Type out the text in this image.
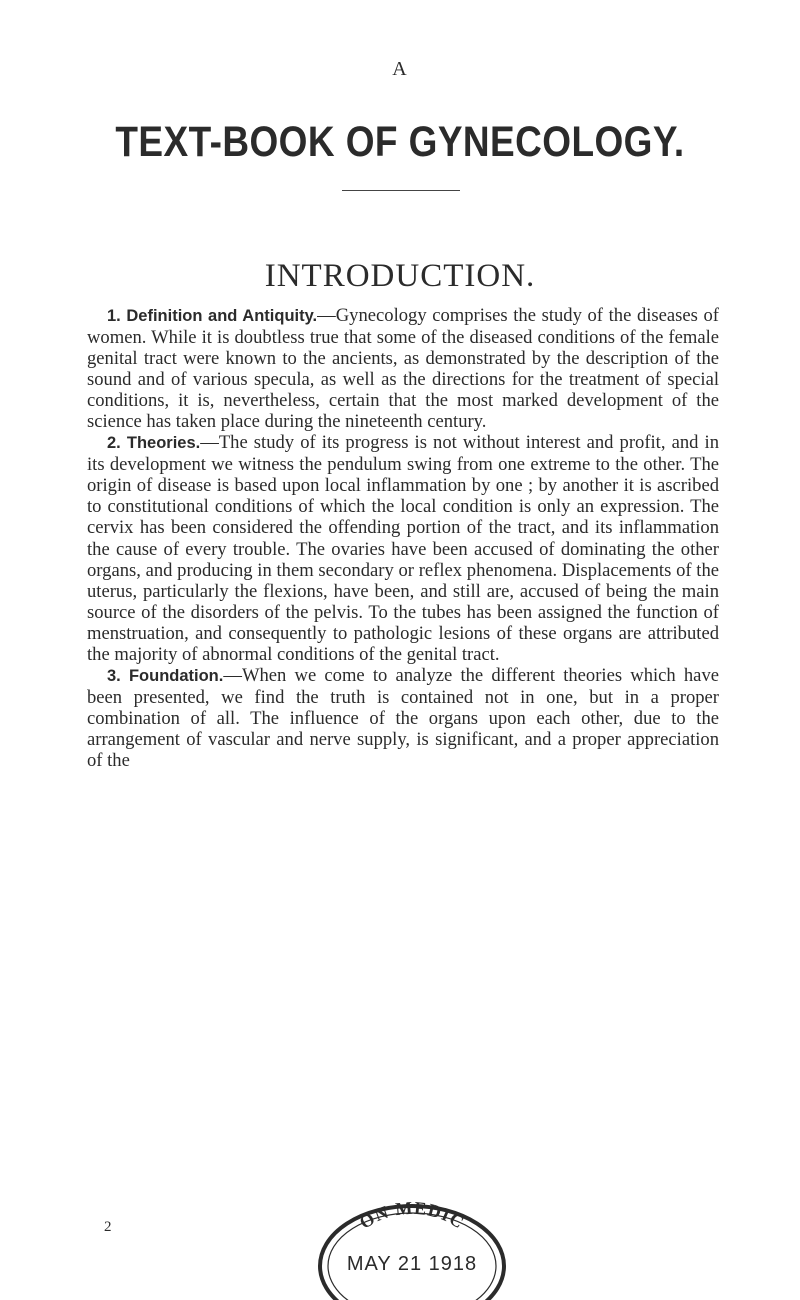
A
TEXT-BOOK OF GYNECOLOGY.
INTRODUCTION.

1. Definition and Antiquity.—Gynecology comprises the study of the diseases of women. While it is doubtless true that some of the diseased conditions of the female genital tract were known to the ancients, as demonstrated by the description of the sound and of various specula, as well as the directions for the treatment of special conditions, it is, nevertheless, certain that the most marked development of the science has taken place during the nineteenth century.

2. Theories.—The study of its progress is not without interest and profit, and in its development we witness the pendulum swing from one extreme to the other. The origin of disease is based upon local inflammation by one ; by another it is ascribed to constitutional conditions of which the local condition is only an expression. The cervix has been considered the offending portion of the tract, and its inflammation the cause of every trouble. The ovaries have been accused of dominating the other organs, and producing in them secondary or reflex phenomena. Displacements of the uterus, particularly the flexions, have been, and still are, accused of being the main source of the disorders of the pelvis. To the tubes has been assigned the function of menstruation, and consequently to pathologic lesions of these organs are attributed the majority of abnormal conditions of the genital tract.

3. Foundation.—When we come to analyze the different theories which have been presented, we find the truth is contained not in one, but in a proper combination of all. The influence of the organs upon each other, due to the arrangement of vascular and nerve supply, is significant, and a proper appreciation of the

2	ON MEDIC
MAY 21 1918
